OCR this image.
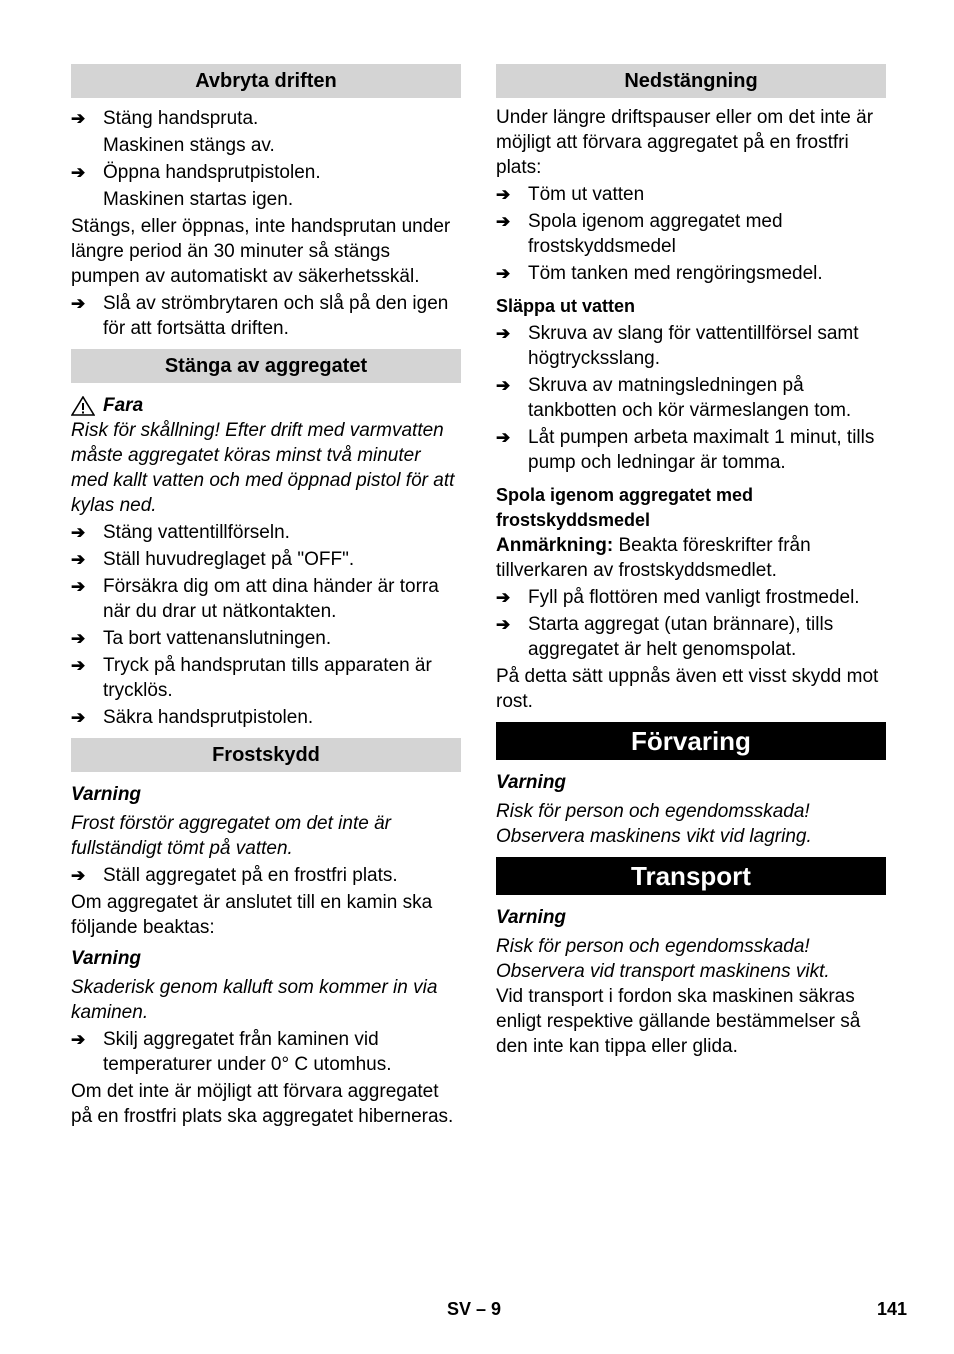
Avbryta driften
➔ Stäng handspruta.
Maskinen stängs av.
➔ Öppna handsprutpistolen.
Maskinen startas igen.

Stängs, eller öppnas, inte handsprutan under längre period än 30 minuter så stängs pumpen av automatiskt av säkerhetsskäl.

➔ Slå av strömbrytaren och slå på den igen för att fortsätta driften.
Stänga av aggregatet
Fara

Risk för skållning! Efter drift med varmvatten måste aggregatet köras minst två minuter med kallt vatten och med öppnad pistol för att kylas ned.

➔ Stäng vattentillförseln.
➔ Ställ huvudreglaget på "OFF".
➔ Försäkra dig om att dina händer är torra när du drar ut nätkontakten.
➔ Ta bort vattenanslutningen.
➔ Tryck på handsprutan tills apparaten är trycklös.
➔ Säkra handsprutpistolen.
Frostskydd
Varning

Frost förstör aggregatet om det inte är fullständigt tömt på vatten.

➔ Ställ aggregatet på en frostfri plats.

Om aggregatet är anslutet till en kamin ska följande beaktas:

Varning

Skaderisk genom kalluft som kommer in via kaminen.

➔ Skilj aggregatet från kaminen vid temperaturer under 0° C utomhus.

Om det inte är möjligt att förvara aggregatet på en frostfri plats ska aggregatet hiberneras.

Nedstängning

Under längre driftspauser eller om det inte är möjligt att förvara aggregatet på en frostfri plats:

➔ Töm ut vatten
➔ Spola igenom aggregatet med frostskyddsmedel
➔ Töm tanken med rengöringsmedel.
Släppa ut vatten
➔ Skruva av slang för vattentillförsel samt högtrycksslang.
➔ Skruva av matningsledningen på tankbotten och kör värmeslangen tom.
➔ Låt pumpen arbeta maximalt 1 minut, tills pump och ledningar är tomma.
Spola igenom aggregatet med frostskyddsmedel

Anmärkning: Beakta föreskrifter från tillverkaren av frostskyddsmedlet.

➔ Fyll på flottören med vanligt frostmedel.
➔ Starta aggregat (utan brännare), tills aggregatet är helt genomspolat.

På detta sätt uppnås även ett visst skydd mot rost.

Förvaring
Varning

Risk för person och egendomsskada! Observera maskinens vikt vid lagring.

Transport
Varning

Risk för person och egendomsskada! Observera vid transport maskinens vikt.

Vid transport i fordon ska maskinen säkras enligt respektive gällande bestämmelser så den inte kan tippa eller glida.

SV – 9	141
